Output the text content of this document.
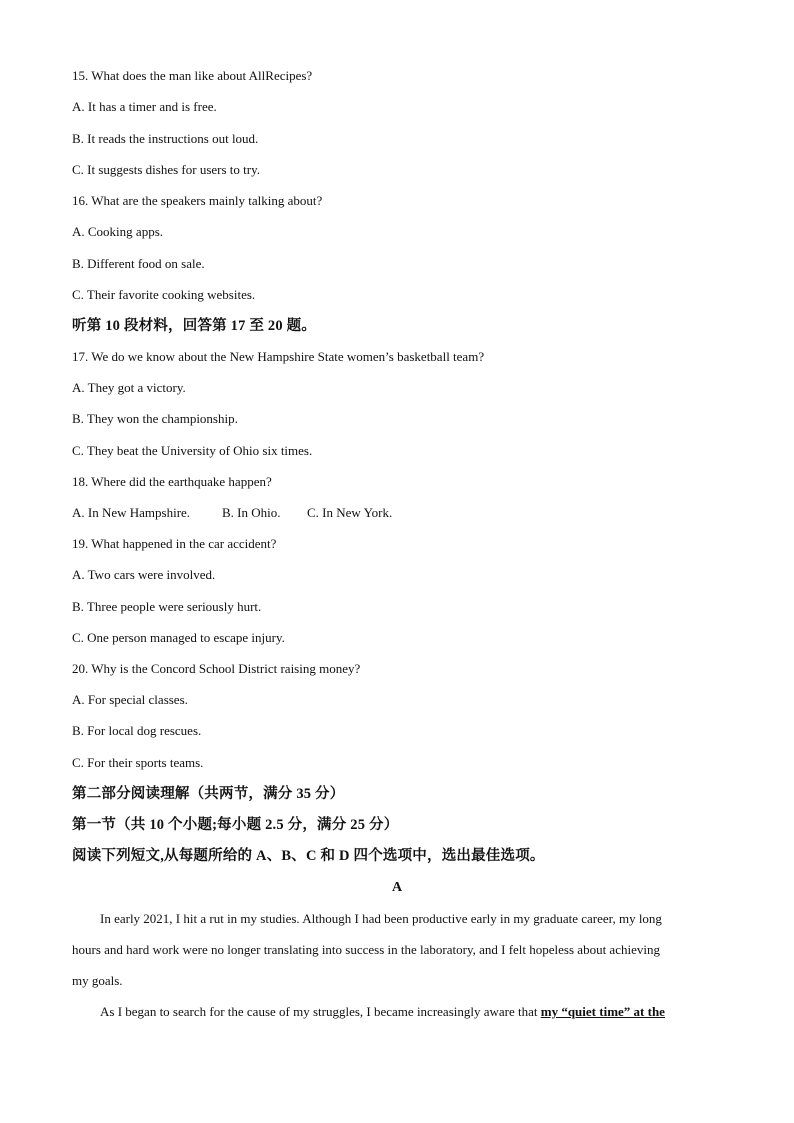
15. What does the man like about AllRecipes?
A. It has a timer and is free.
B. It reads the instructions out loud.
C. It suggests dishes for users to try.
16. What are the speakers mainly talking about?
A. Cooking apps.
B. Different food on sale.
C. Their favorite cooking websites.
听第 10 段材料，回答第 17 至 20 题。
17. We do we know about the New Hampshire State women’s basketball team?
A. They got a victory.
B. They won the championship.
C. They beat the University of Ohio six times.
18. Where did the earthquake happen?
A. In New Hampshire. B. In Ohio. C. In New York.
19. What happened in the car accident?
A. Two cars were involved.
B. Three people were seriously hurt.
C. One person managed to escape injury.
20. Why is the Concord School District raising money?
A. For special classes.
B. For local dog rescues.
C. For their sports teams.
第二部分阅读理解（共两节，满分 35 分）
第一节（共 10 个小题;每小题 2.5 分，满分 25 分）
阅读下列短文,从每题所给的 A、B、C 和 D 四个选项中，选出最佳选项。
A
In early 2021, I hit a rut in my studies. Although I had been productive early in my graduate career, my long
hours and hard work were no longer translating into success in the laboratory, and I felt hopeless about achieving
my goals.
As I began to search for the cause of my struggles, I became increasingly aware that my “quiet time” at the
